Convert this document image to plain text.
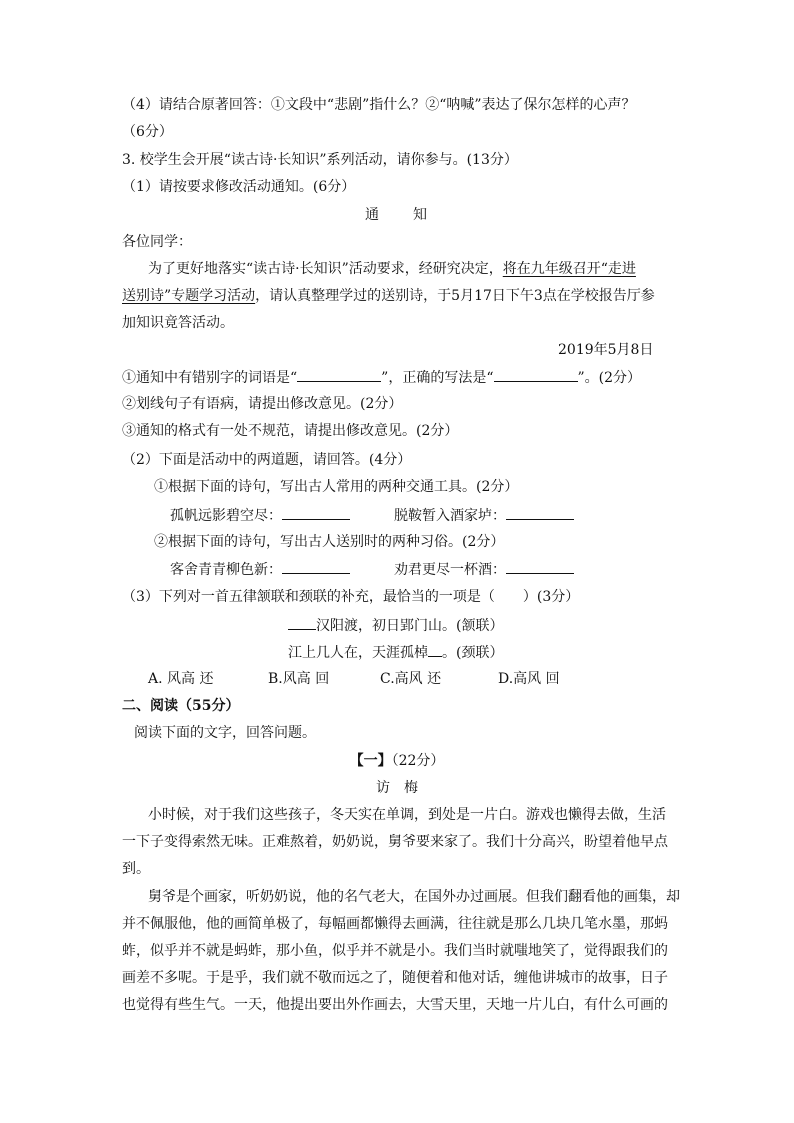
（4）请结合原著回答：①文段中“悲剧”指什么？②“呐喊”表达了保尔怎样的心声？
（6分）
3. 校学生会开展“读古诗·长知识”系列活动，请你参与。(13分）
（1）请按要求修改活动通知。(6分）
通　　知
各位同学：
为了更好地落实“读古诗·长知识”活动要求，经研究决定，将在九年级召开“走进
送别诗”专题学习活动，请认真整理学过的送别诗，于5月17日下午3点在学校报告厅参
加知识竟答活动。
2019年5月8日
①通知中有错别字的词语是“	”，正确的写法是“	”。(2分）
②划线句子有语病，请提出修改意见。(2分）
③通知的格式有一处不规范，请提出修改意见。(2分）
（2）下面是活动中的两道题，请回答。(4分）
①根据下面的诗句，写出古人常用的两种交通工具。(2分）
孤帆远影碧空尽：	脱鞍暂入酒家垆：
②根据下面的诗句，写出古人送别时的两种习俗。(2分）
客舍青青柳色新：	劝君更尽一杯酒：
（3）下列对一首五律颔联和颈联的补充，最恰当的一项是（　　）(3分）
汉阳渡，初日郢门山。(颔联）
江上几人在，天涯孤棹 。(颈联）
A. 风高 还	B.风高 回	C.高风 还	D.高风 回
二、阅读（55分）
阅读下面的文字，回答问题。
【一】（22分）
访　梅
小时候，对于我们这些孩子，冬天实在单调，到处是一片白。游戏也懒得去做，生活
一下子变得索然无味。正难熬着，奶奶说，舅爷要来家了。我们十分高兴，盼望着他早点
到。
舅爷是个画家，听奶奶说，他的名气老大，在国外办过画展。但我们翻看他的画集，却
并不佩服他，他的画简单极了，每幅画都懒得去画满，往往就是那么几块几笔水墨，那蚂
蚱，似乎并不就是蚂蚱，那小鱼，似乎并不就是小。我们当时就嗤地笑了，觉得跟我们的
画差不多呢。于是乎，我们就不敬而远之了，随便着和他对话，缠他讲城市的故事，日子
也觉得有些生气。一天，他提出要出外作画去，大雪天里，天地一片儿白，有什么可画的
